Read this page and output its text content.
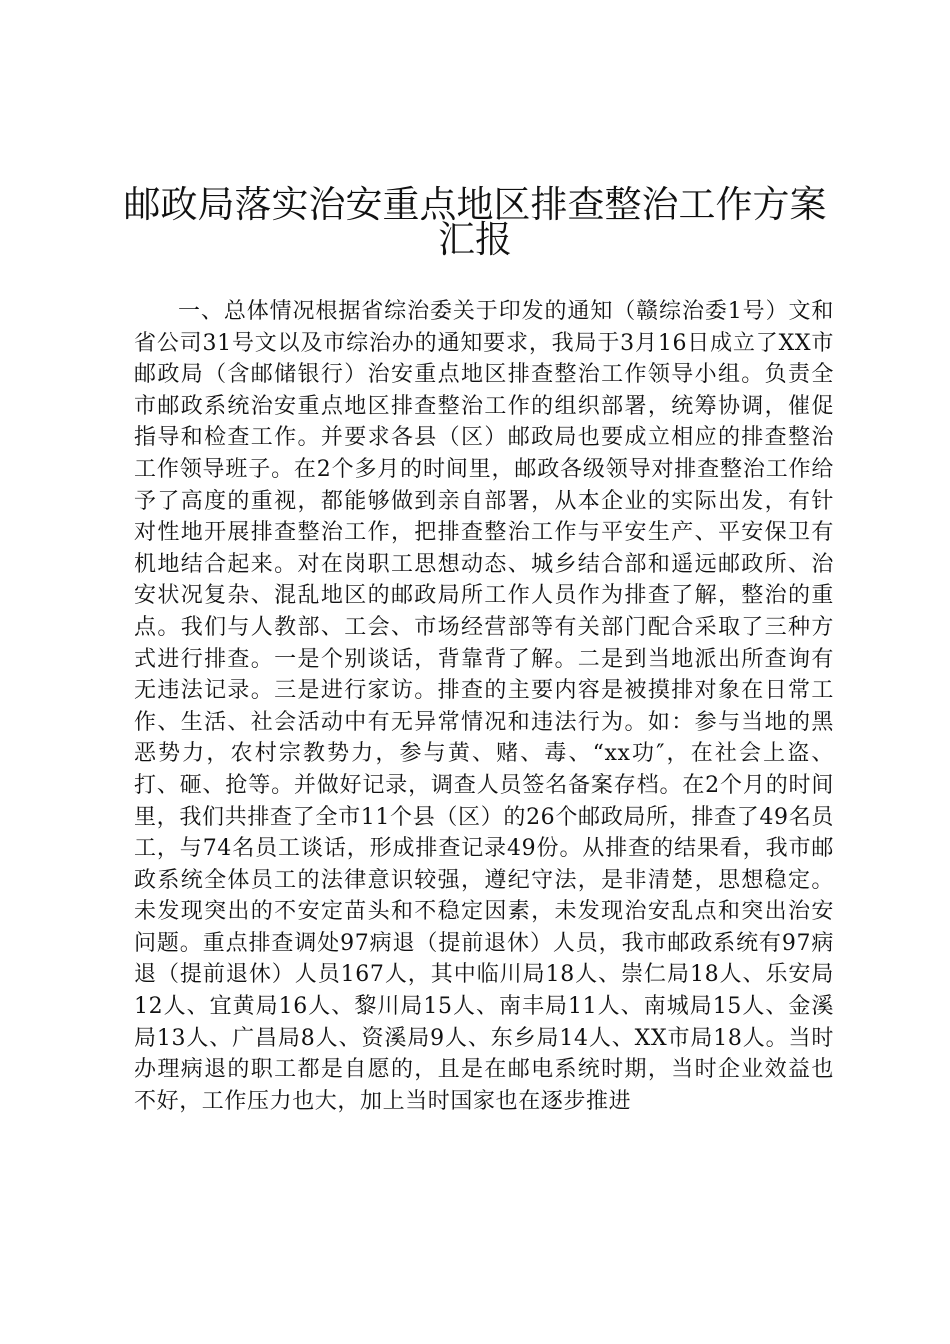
邮政局落实治安重点地区排查整治工作方案
汇报

一、总体情况根据省综治委关于印发的通知（赣综治委1号）文和省公司31号文以及市综治办的通知要求，我局于3月16日成立了XX市邮政局（含邮储银行）治安重点地区排查整治工作领导小组。负责全市邮政系统治安重点地区排查整治工作的组织部署，统筹协调，催促指导和检查工作。并要求各县（区）邮政局也要成立相应的排查整治工作领导班子。在2个多月的时间里，邮政各级领导对排查整治工作给予了高度的重视，都能够做到亲自部署，从本企业的实际出发，有针对性地开展排查整治工作，把排查整治工作与平安生产、平安保卫有机地结合起来。对在岗职工思想动态、城乡结合部和遥远邮政所、治安状况复杂、混乱地区的邮政局所工作人员作为排查了解，整治的重点。我们与人教部、工会、市场经营部等有关部门配合采取了三种方式进行排查。一是个别谈话，背靠背了解。二是到当地派出所查询有无违法记录。三是进行家访。排查的主要内容是被摸排对象在日常工作、生活、社会活动中有无异常情况和违法行为。如：参与当地的黑恶势力，农村宗教势力，参与黄、赌、毒、“xx功″，在社会上盗、打、砸、抢等。并做好记录，调查人员签名备案存档。在2个月的时间里，我们共排查了全市11个县（区）的26个邮政局所，排查了49名员工，与74名员工谈话，形成排查记录49份。从排查的结果看，我市邮政系统全体员工的法律意识较强，遵纪守法，是非清楚，思想稳定。未发现突出的不安定苗头和不稳定因素，未发现治安乱点和突出治安问题。重点排查调处97病退（提前退休）人员，我市邮政系统有97病退（提前退休）人员167人，其中临川局18人、崇仁局18人、乐安局12人、宜黄局16人、黎川局15人、南丰局11人、南城局15人、金溪局13人、广昌局8人、资溪局9人、东乡局14人、XX市局18人。当时办理病退的职工都是自愿的，且是在邮电系统时期，当时企业效益也不好，工作压力也大，加上当时国家也在逐步推进
